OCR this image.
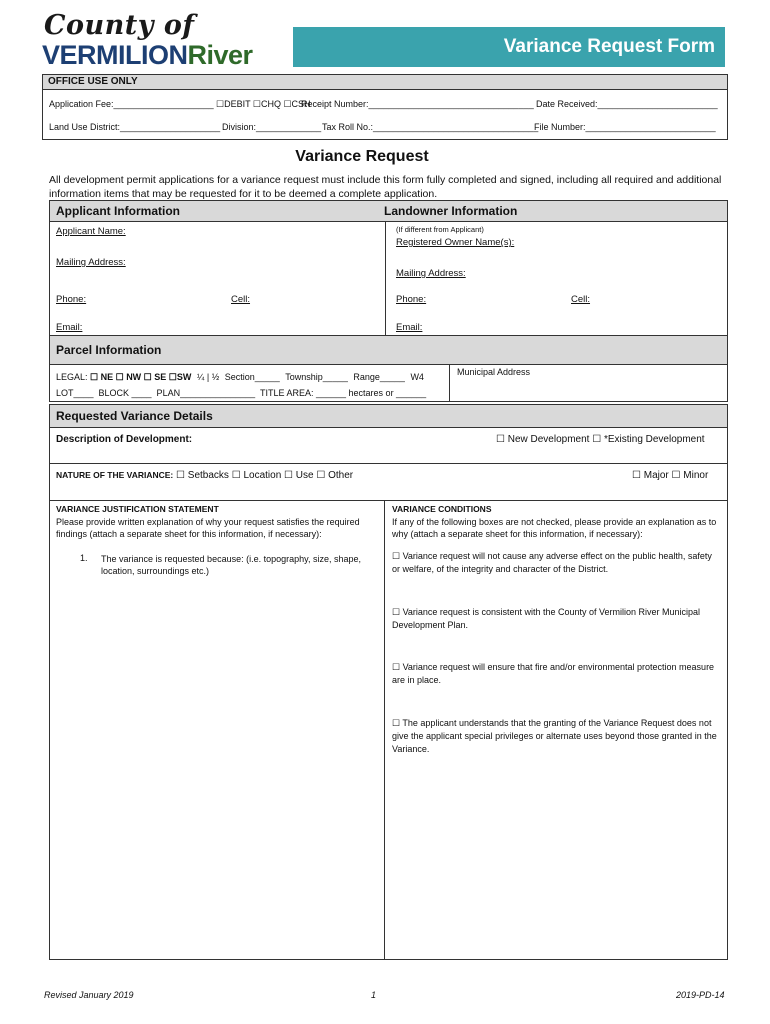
County of
VERMILIONRiver	Variance Request Form
OFFICE USE ONLY
Application Fee:____________________ ☐DEBIT ☐CHQ ☐CSH
Receipt Number:_________________________________ Date Received:________________________
Land Use District:____________________ Division:_____________ Tax Roll No.:_________________________________
File Number:__________________________
Variance Request
All development permit applications for a variance request must include this form fully completed and signed, including all required and additional information items that may be requested for it to be deemed a complete application.
Applicant Information	Landowner Information
Applicant Name:
Mailing Address:
Phone:	Cell:
Email:
(If different from Applicant)
Registered Owner Name(s):
Mailing Address:
Phone:	Cell:
Email:
Parcel Information
LEGAL: ☐ NE ☐ NW ☐ SE ☐SW ¼ | ½ Section_____ Township_____ Range_____ W4
LOT____  BLOCK ____  PLAN_______________  TITLE AREA: ______ hectares or ______
Municipal Address
Requested Variance Details
Description of Development:	☐ New Development ☐ *Existing Development
NATURE OF THE VARIANCE: ☐ Setbacks ☐ Location ☐ Use ☐ Other	☐ Major ☐ Minor
VARIANCE JUSTIFICATION STATEMENT
Please provide written explanation of why your request satisfies the required findings (attach a separate sheet for this information, if necessary):
1. The variance is requested because: (i.e. topography, size, shape, location, surroundings etc.)
VARIANCE CONDITIONS
If any of the following boxes are not checked, please provide an explanation as to why (attach a separate sheet for this information, if necessary):
☐ Variance request will not cause any adverse effect on the public health, safety or welfare, of the integrity and character of the District.
☐ Variance request is consistent with the County of Vermilion River Municipal Development Plan.
☐ Variance request will ensure that fire and/or environmental protection measure are in place.
☐ The applicant understands that the granting of the Variance Request does not give the applicant special privileges or alternate uses beyond those granted in the Variance.
Revised January 2019	1	2019-PD-14
